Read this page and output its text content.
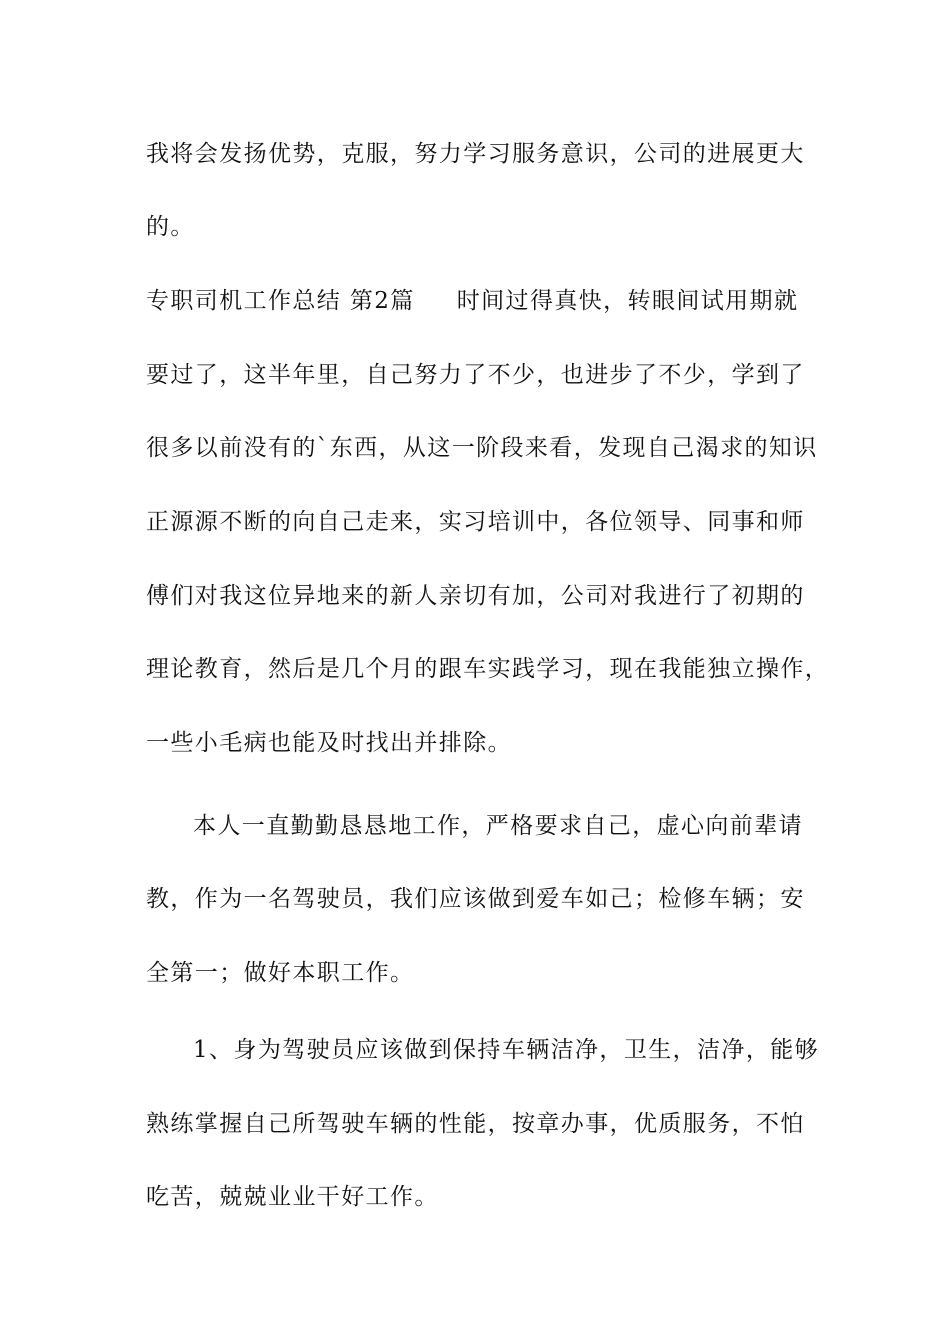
我将会发扬优势，克服，努力学习服务意识，公司的进展更大
的。
专职司机工作总结 第2篇 时间过得真快，转眼间试用期就
要过了，这半年里，自己努力了不少，也进步了不少，学到了
很多以前没有的`东西，从这一阶段来看，发现自己渴求的知识
正源源不断的向自己走来，实习培训中，各位领导、同事和师
傅们对我这位异地来的新人亲切有加，公司对我进行了初期的
理论教育，然后是几个月的跟车实践学习，现在我能独立操作，
一些小毛病也能及时找出并排除。
本人一直勤勤恳恳地工作，严格要求自己，虚心向前辈请
教，作为一名驾驶员，我们应该做到爱车如己；检修车辆；安
全第一；做好本职工作。
1、身为驾驶员应该做到保持车辆洁净，卫生，洁净，能够
熟练掌握自己所驾驶车辆的性能，按章办事，优质服务，不怕
吃苦，兢兢业业干好工作。
